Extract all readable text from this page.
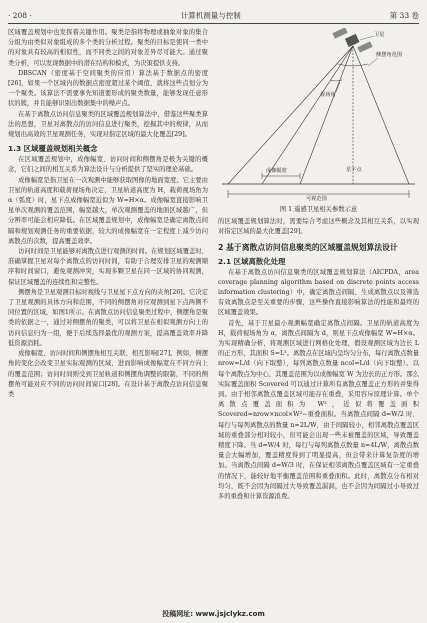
· 208 ·	计算机测量与控制	第 33 卷

区域覆盖规划中也发挥着关键作用。聚类是指将物理或抽象对象的集合分组为由类似对象组成的多个类的分析过程。聚类的目标是使同一类中的对象具有较高的相似性，而不同类之间的对象差异尽可能大。通过聚类分析，可以发现数据中的潜在结构和模式，为决策提供支持。

DBSCAN（密度基于空间聚类的应用）算法基于数据点的密度[26]，如果一个区域内的数据点密度超过某个阈值，就将这些点划分为一个聚类。该算法不需要事先知道要形成的聚类数量，能够发现任意形状的簇，并且能够识别出数据集中的噪声点。

在基于离散点访问信息聚类的区域覆盖规划算法中，借鉴这些聚类算法的思想，卫星对离散点的访问信息进行聚类，挖掘其中的规律，从而规划出高效的卫星观测任务，实现对指定区域的最大化覆盖[29]。

1.3 区域覆盖规划相关概念

在区域覆盖规划中，成像幅宽、访问时间和侧摆角是极为关键的概念，它们之间的相互关系为算法设计与分析提供了坚实的理论基础。

成像幅宽是指卫星在一次观测中能够获取图像的地面宽度。它主要由卫星的轨道高度和载荷视场角决定，卫星轨道高度为 H，载荷视场角为 α（弧度）时，星下点成像幅宽近似为 W=H×α。成像幅宽直接影响卫星单次观测的覆盖范围，幅宽越大，单次观测覆盖的地面区域越广，但分辨率可能会相应降低。在区域覆盖规划中，成像幅宽是确定离散点间隔和规划观测任务的重要依据，较大的成像幅宽在一定程度上减少访问离散点的次数，提高覆盖效率。

访问时间是卫星能够对离散点进行观测的时间。在规划区域覆盖时，准确掌握卫星对每个离散点的访问时间，有助于合理安排卫星的观测顺序和时间窗口，避免观测冲突，实现多颗卫星在同一区域的协同观测，保证区域覆盖的连续性和完整性。

侧摆角是卫星观测目标时视线与卫星星下点方向的夹角[26]。它决定了卫星观测的具体方向和范围，不同的侧摆角对应观测到星下点两侧不同位置的区域，如图1所示。在离散点访问信息聚类过程中，侧摆角是聚类的依据之一，通过对侧摆角的聚类，可以将卫星在相似观测方向上的访问信息归为一组，便于后续选择最优的观测方案，提高覆盖效率并降低资源消耗。

成像幅宽、访问时间和侧摆角相互关联、相互影响[27]。例如，侧摆角的变化会改变卫星实际观测的区域，进而影响成像幅宽在不同方向上的覆盖范围；访问时间则受到卫星轨道和侧摆角调整的限制，不同的侧摆角可能对应不同的访问时间窗口[28]。在设计基于离散点访问信息聚类

侧摆角范围
视场角
卫星
星下点
成像幅宽
可视范围
图 1 遥感卫星相关参数示意

的区域覆盖规划算法时，需要综合考虑这些概念及其相互关系，以实现对指定区域的最大化覆盖[29]。

2 基于离散点访问信息聚类的区域覆盖规划算法设计
2.1 区域离散化处理

在基于离散点访问信息聚类的区域覆盖规划算法（AICPDA，area coverage planning algorithm based on discrete points access information clustering）中，确定离散点间隔、生成离散点以及筛选有效离散点是至关重要的步骤，这些操作直接影响算法的性能和最终的区域覆盖效果。

首先，基于卫星最小观测幅宽确定离散点间隔。卫星的轨道高度为 H，载荷视场角为 α，离散点间隔为 d，则星下点成像幅宽 W=H×α。为实现精确分析，将观测区域进行网格化处理，假设观测区域为边长 L 的正方形，其面积 S=L²。离散点在区域内呈均匀分布，每行离散点数量 nrow=L/d（向下取整），每列离散点数量 ncol=L/d（向下取整）。以每个离散点为中心，其覆盖范围为以成像幅宽 W 为边长的正方形。那么实际覆盖面积 Scovered 可以通过计算所有离散点覆盖正方形的并集得到。由于相邻离散点覆盖区域可能存在重叠，采用容斥原理计算。单个离散点覆盖面积为 W²，近似将覆盖面积 Scovered≈nrow×ncol×W²−重叠面积。当离散点间隔 d=W/2 时，每行与每列离散点的数量 n=2L/W，由于间隔较小，相邻离散点覆盖区域的重叠部分相对较小，但可能会出现一些未被覆盖的区域，导致覆盖精度下降。当 d=W/4 时，每行与每列离散点数量 n=4L/W，离散点数量会大幅增加，覆盖精度得到了明显提高，但会带来计算复杂度的增加。当离散点间隔 d=W/3 时，在保证相邻离散点覆盖区域有一定重叠的情况下，能较好地平衡覆盖范围和重叠面积。此时，离散点分布相对均匀，既不会因为间隔过大导致覆盖漏洞，也不会因为间隔过小导致过多的重叠和计算资源浪费。

投稿网址: www.jsjclykz.com
